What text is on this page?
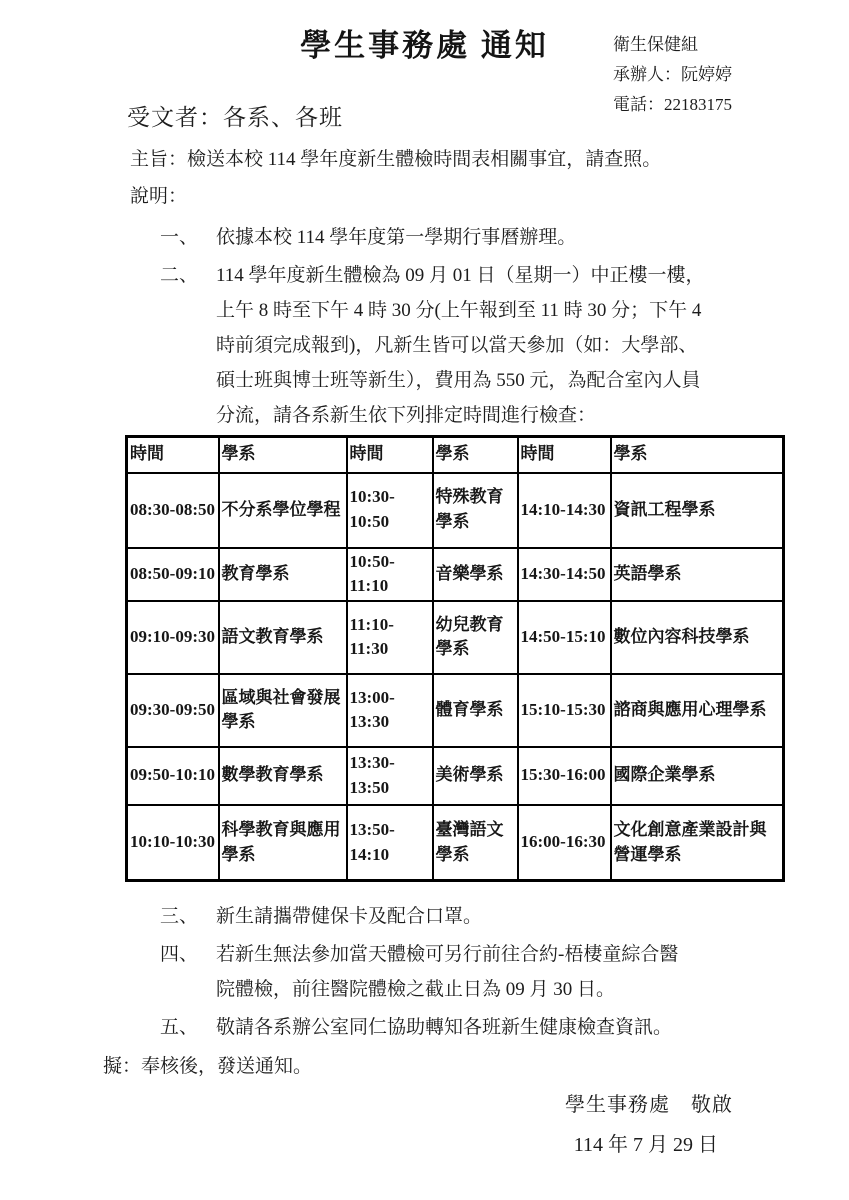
學生事務處 通知	衛生保健組
承辦人：阮婷婷
電話：22183175
受文者：各系、各班
主旨：檢送本校 114 學年度新生體檢時間表相關事宜，請查照。
說明：
一、 依據本校 114 學年度第一學期行事曆辦理。
二、 114 學年度新生體檢為 09 月 01 日（星期一）中正樓一樓，
上午 8 時至下午 4 時 30 分(上午報到至 11 時 30 分；下午 4
時前須完成報到)，凡新生皆可以當天參加（如：大學部、
碩士班與博士班等新生），費用為 550 元，為配合室內人員
分流，請各系新生依下列排定時間進行檢查：
時間	學系	時間	學系	時間	學系
08:30-08:50	不分系學位學程	10:30-10:50	特殊教育學系	14:10-14:30	資訊工程學系
08:50-09:10	教育學系	10:50-11:10	音樂學系	14:30-14:50	英語學系
09:10-09:30	語文教育學系	11:10-11:30	幼兒教育學系	14:50-15:10	數位內容科技學系
09:30-09:50	區域與社會發展學系	13:00-13:30	體育學系	15:10-15:30	諮商與應用心理學系
09:50-10:10	數學教育學系	13:30-13:50	美術學系	15:30-16:00	國際企業學系
10:10-10:30	科學教育與應用學系	13:50-14:10	臺灣語文學系	16:00-16:30	文化創意產業設計與營運學系
三、 新生請攜帶健保卡及配合口罩。
四、 若新生無法參加當天體檢可另行前往合約-梧棲童綜合醫
院體檢，前往醫院體檢之截止日為 09 月 30 日。
五、 敬請各系辦公室同仁協助轉知各班新生健康檢查資訊。
擬：奉核後，發送通知。
學生事務處　敬啟
114 年 7 月 29 日
